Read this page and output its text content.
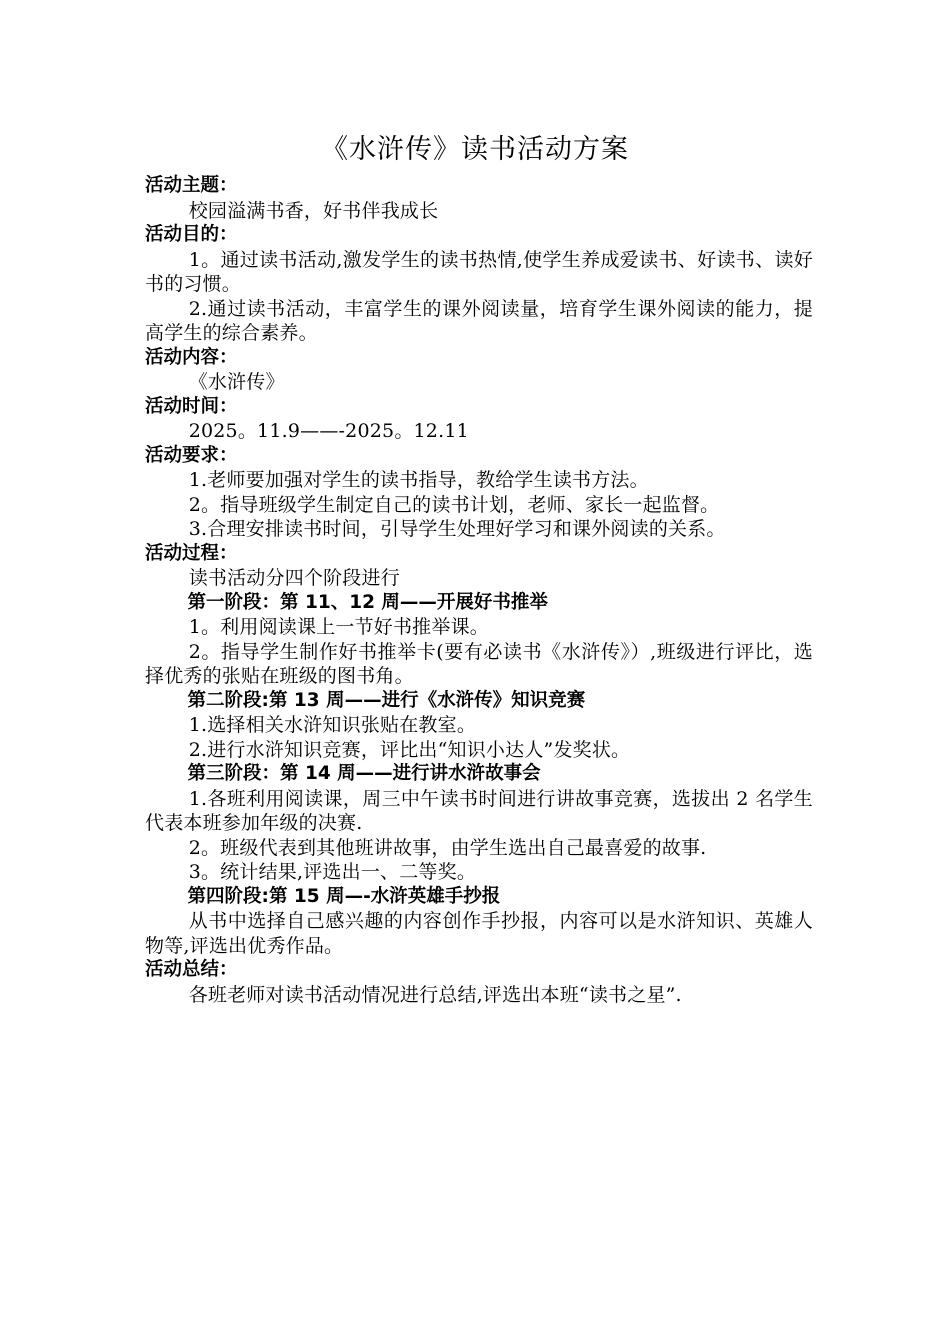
《水浒传》读书活动方案
活动主题：
校园溢满书香，好书伴我成长
活动目的：
1。通过读书活动,激发学生的读书热情,使学生养成爱读书、好读书、读好书的习惯。
2.通过读书活动，丰富学生的课外阅读量，培育学生课外阅读的能力，提高学生的综合素养。
活动内容：
《水浒传》
活动时间：
2025。11.9——-2025。12.11
活动要求：
1.老师要加强对学生的读书指导，教给学生读书方法。
2。指导班级学生制定自己的读书计划，老师、家长一起监督。
3.合理安排读书时间，引导学生处理好学习和课外阅读的关系。
活动过程：
读书活动分四个阶段进行
第一阶段：第 11、12 周——开展好书推举
1。利用阅读课上一节好书推举课。
2。指导学生制作好书推举卡(要有必读书《水浒传》）,班级进行评比，选择优秀的张贴在班级的图书角。
第二阶段:第 13 周——进行《水浒传》知识竞赛
1.选择相关水浒知识张贴在教室。
2.进行水浒知识竞赛，评比出“知识小达人”发奖状。
第三阶段：第 14 周——进行讲水浒故事会
1.各班利用阅读课，周三中午读书时间进行讲故事竞赛，选拔出 2 名学生代表本班参加年级的决赛.
2。班级代表到其他班讲故事，由学生选出自己最喜爱的故事.
3。统计结果,评选出一、二等奖。
第四阶段:第 15 周—-水浒英雄手抄报
从书中选择自己感兴趣的内容创作手抄报，内容可以是水浒知识、英雄人物等,评选出优秀作品。
活动总结：
各班老师对读书活动情况进行总结,评选出本班“读书之星”.
